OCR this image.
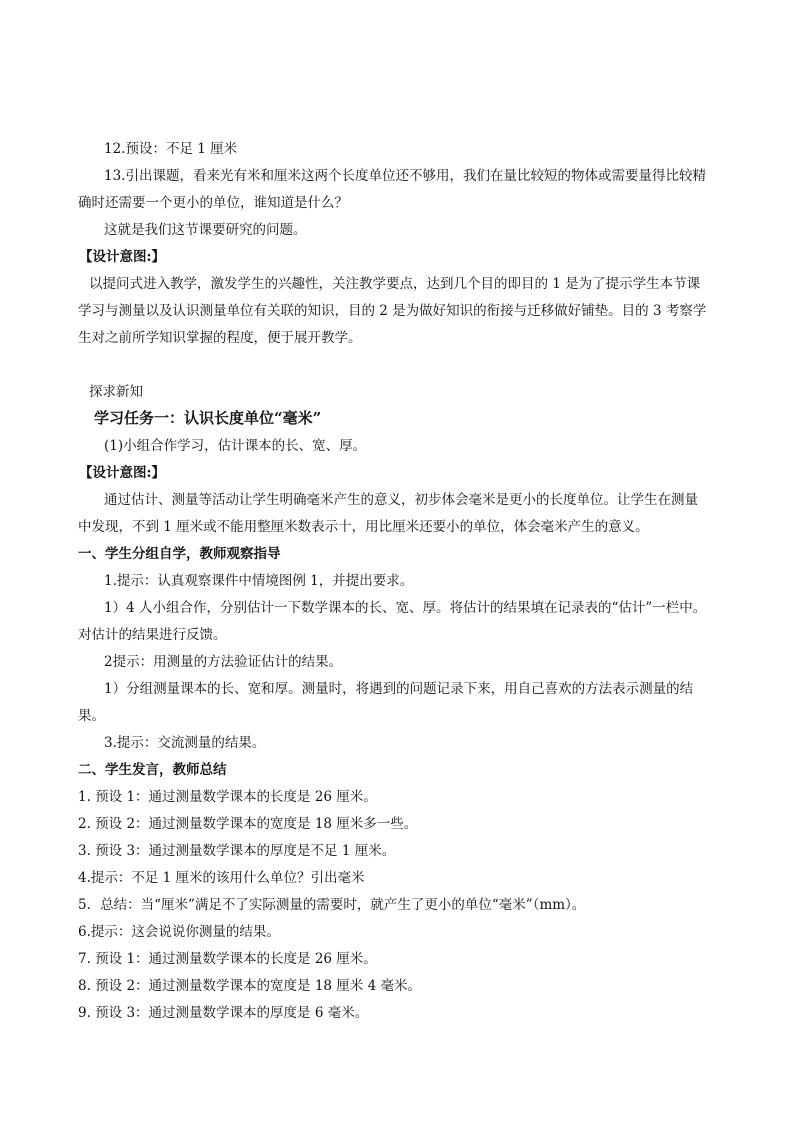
12.预设：不足 1 厘米
13.引出课题，看来光有米和厘米这两个长度单位还不够用，我们在量比较短的物体或需要量得比较精
确时还需要一个更小的单位，谁知道是什么？
这就是我们这节课要研究的问题。
【设计意图:】
以提问式进入教学，激发学生的兴趣性，关注教学要点，达到几个目的即目的 1 是为了提示学生本节课
学习与测量以及认识测量单位有关联的知识，目的 2 是为做好知识的衔接与迁移做好铺垫。目的 3 考察学
生对之前所学知识掌握的程度，便于展开教学。
探求新知
学习任务一：认识长度单位“毫米”
(1)小组合作学习，估计课本的长、宽、厚。
【设计意图:】
通过估计、测量等活动让学生明确毫米产生的意义，初步体会毫米是更小的长度单位。让学生在测量
中发现，不到 1 厘米或不能用整厘米数表示十，用比厘米还要小的单位，体会毫米产生的意义。
一、学生分组自学，教师观察指导
1.提示：认真观察课件中情境图例 1，并提出要求。
1）4 人小组合作，分别估计一下数学课本的长、宽、厚。将估计的结果填在记录表的“估计”一栏中。
对估计的结果进行反馈。
2提示：用测量的方法验证估计的结果。
1）分组测量课本的长、宽和厚。测量时，将遇到的问题记录下来，用自己喜欢的方法表示测量的结
果。
3.提示：交流测量的结果。
二、学生发言，教师总结
1. 预设 1：通过测量数学课本的长度是 26 厘米。
2. 预设 2：通过测量数学课本的宽度是 18 厘米多一些。
3. 预设 3：通过测量数学课本的厚度是不足 1 厘米。
4.提示：不足 1 厘米的该用什么单位？引出毫米
5．总结：当“厘米”满足不了实际测量的需要时，就产生了更小的单位“毫米”（mm）。
6.提示：这会说说你测量的结果。
7. 预设 1：通过测量数学课本的长度是 26 厘米。
8. 预设 2：通过测量数学课本的宽度是 18 厘米 4 毫米。
9. 预设 3：通过测量数学课本的厚度是 6 毫米。
